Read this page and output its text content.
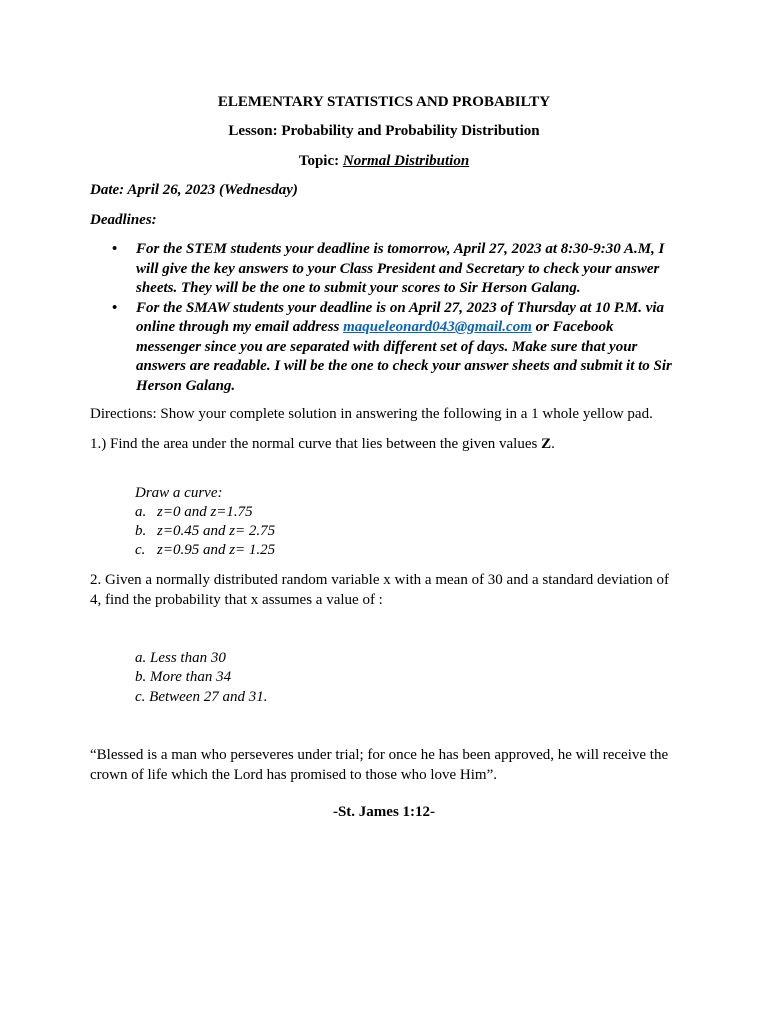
ELEMENTARY STATISTICS AND PROBABILTY

Lesson: Probability and Probability Distribution

Topic: Normal Distribution

Date: April 26, 2023 (Wednesday)

Deadlines:

• For the STEM students your deadline is tomorrow, April 27, 2023 at 8:30-9:30 A.M, I will give the key answers to your Class President and Secretary to check your answer sheets. They will be the one to submit your scores to Sir Herson Galang.
• For the SMAW students your deadline is on April 27, 2023 of Thursday at 10 P.M. via online through my email address maqueleonard043@gmail.com or Facebook messenger since you are separated with different set of days. Make sure that your answers are readable. I will be the one to check your answer sheets and submit it to Sir Herson Galang.

Directions: Show your complete solution in answering the following in a 1 whole yellow pad.

1.) Find the area under the normal curve that lies between the given values Z.

Draw a curve:

a. z=0 and z=1.75

b. z=0.45 and z= 2.75

c. z=0.95 and z= 1.25

2. Given a normally distributed random variable x with a mean of 30 and a standard deviation of 4, find the probability that x assumes a value of :

a. Less than 30

b. More than 34

c. Between 27 and 31.

“Blessed is a man who perseveres under trial; for once he has been approved, he will receive the crown of life which the Lord has promised to those who love Him”.

-St. James 1:12-
